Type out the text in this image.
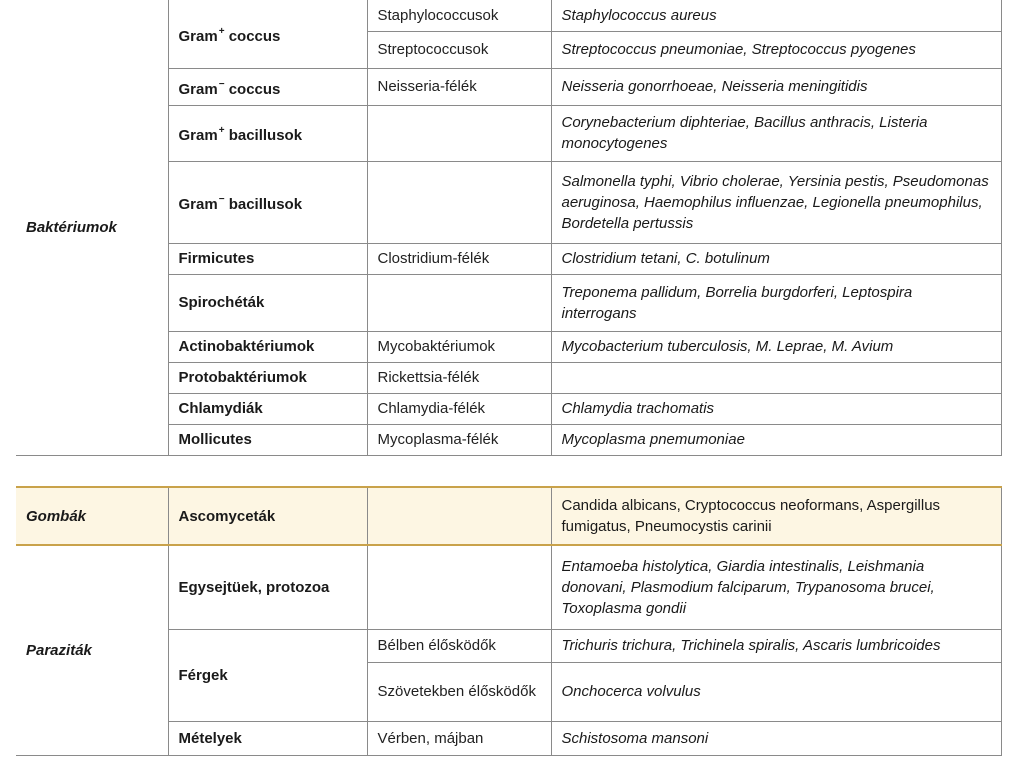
Baktériumok	Gram+ coccus	Staphylococcusok	Staphylococcus aureus
		Streptococcusok	Streptococcus pneumoniae, Streptococcus pyogenes
	Gram− coccus	Neisseria-félék	Neisseria gonorrhoeae, Neisseria meningitidis
	Gram+ bacillusok		Corynebacterium diphteriae, Bacillus anthracis, Listeria monocytogenes
	Gram− bacillusok		Salmonella typhi, Vibrio cholerae, Yersinia pestis, Pseudomonas aeruginosa, Haemophilus influenzae, Legionella pneumophilus, Bordetella pertussis
	Firmicutes	Clostridium-félék	Clostridium tetani, C. botulinum
	Spirochéták		Treponema pallidum, Borrelia burgdorferi, Leptospira interrogans
	Actinobaktériumok	Mycobaktériumok	Mycobacterium tuberculosis, M. Leprae, M. Avium
	Protobaktériumok	Rickettsia-félék	
	Chlamydiák	Chlamydia-félék	Chlamydia trachomatis
	Mollicutes	Mycoplasma-félék	Mycoplasma pnemumoniae
Gombák	Ascomyceták		Candida albicans, Cryptococcus neoformans, Aspergillus fumigatus, Pneumocystis carinii
Paraziták	Egysejtüek, protozoa		Entamoeba histolytica, Giardia intestinalis, Leishmania donovani, Plasmodium falciparum, Trypanosoma brucei, Toxoplasma gondii
	Férgek	Bélben élősködők	Trichuris trichura, Trichinela spiralis, Ascaris lumbricoides
		Szövetekben élősködők	Onchocerca volvulus
	Mételyek	Vérben, májban	Schistosoma mansoni
